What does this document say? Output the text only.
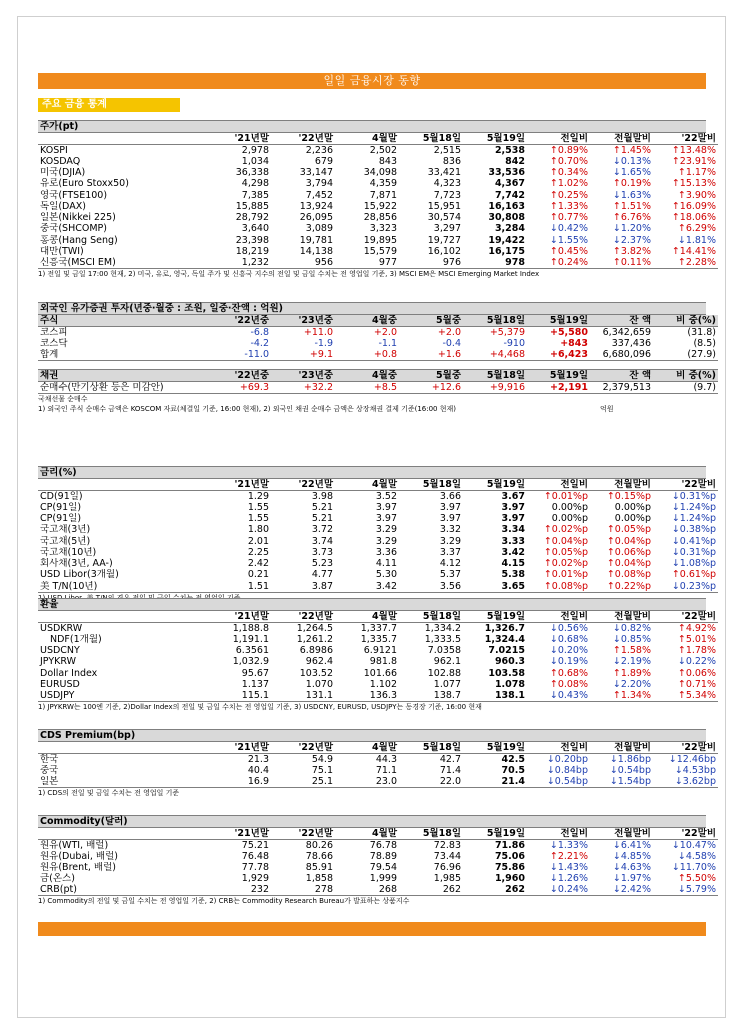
일일 금융시장 동향
주요 금융 통계
주가(pt)
	'21년말	'22년말	4월말	5월18일	5월19일	전일비	전월말비	'22말비
KOSPI	2,978	2,236	2,502	2,515	2,538	↑0.89%	↑1.45%	↑13.48%
KOSDAQ	1,034	679	843	836	842	↑0.70%	↓0.13%	↑23.91%
미국(DJIA)	36,338	33,147	34,098	33,421	33,536	↑0.34%	↓1.65%	↑1.17%
유로(Euro Stoxx50)	4,298	3,794	4,359	4,323	4,367	↑1.02%	↑0.19%	↑15.13%
영국(FTSE100)	7,385	7,452	7,871	7,723	7,742	↑0.25%	↓1.63%	↑3.90%
독일(DAX)	15,885	13,924	15,922	15,951	16,163	↑1.33%	↑1.51%	↑16.09%
일본(Nikkei 225)	28,792	26,095	28,856	30,574	30,808	↑0.77%	↑6.76%	↑18.06%
중국(SHCOMP)	3,640	3,089	3,323	3,297	3,284	↓0.42%	↓1.20%	↑6.29%
홍콩(Hang Seng)	23,398	19,781	19,895	19,727	19,422	↓1.55%	↓2.37%	↓1.81%
대만(TWI)	18,219	14,138	15,579	16,102	16,175	↑0.45%	↑3.82%	↑14.41%
신흥국(MSCI EM)	1,232	956	977	976	978	↑0.24%	↑0.11%	↑2.28%
1) 전일 및 금일 17:00 현재, 2) 미국, 유로, 영국, 독일 주가 및 신흥국 지수의 전일 및 금일 수치는 전 영업일 기준, 3) MSCI EM은 MSCI Emerging Market Index
외국인 유가증권 투자(년중·월중 : 조원, 일중·잔액 : 억원)
주식	'22년중	'23년중	4월중	5월중	5월18일	5월19일	잔 액	비 중(%)
코스피	-6.8	+11.0	+2.0	+2.0	+5,379	+5,580	6,342,659	(31.8)
코스닥	-4.2	-1.9	-1.1	-0.4	-910	+843	337,436	(8.5)
합계	-11.0	+9.1	+0.8	+1.6	+4,468	+6,423	6,680,096	(27.9)
채권	'22년중	'23년중	4월중	5월중	5월18일	5월19일	잔 액	비 중(%)
순매수(만기상환 등은 미감안)	+69.3	+32.2	+8.5	+12.6	+9,916	+2,191	2,379,513	(9.7)
국채선물 순매수
1) 외국인 주식 순매수 금액은 KOSCOM 자료(체결일 기준, 16:00 현재), 2) 외국인 채권 순매수 금액은 상장채권 결제 기준(16:00 현재)	억원
금리(%)
	'21년말	'22년말	4월말	5월18일	5월19일	전일비	전월말비	'22말비
CD(91일)	1.29	3.98	3.52	3.66	3.67	↑0.01%p	↑0.15%p	↓0.31%p
CP(91일)	1.55	5.21	3.97	3.97	3.97	0.00%p	0.00%p	↓1.24%p
CP(91일)	1.55	5.21	3.97	3.97	3.97	0.00%p	0.00%p	↓1.24%p
국고채(3년)	1.80	3.72	3.29	3.32	3.34	↑0.02%p	↑0.05%p	↓0.38%p
국고채(5년)	2.01	3.74	3.29	3.29	3.33	↑0.04%p	↑0.04%p	↓0.41%p
국고채(10년)	2.25	3.73	3.36	3.37	3.42	↑0.05%p	↑0.06%p	↓0.31%p
회사채(3년, AA-)	2.42	5.23	4.11	4.12	4.15	↑0.02%p	↑0.04%p	↓1.08%p
USD Libor(3개월)	0.21	4.77	5.30	5.37	5.38	↑0.01%p	↑0.08%p	↑0.61%p
美 T/N(10년)	1.51	3.87	3.42	3.56	3.65	↑0.08%p	↑0.22%p	↓0.23%p
환율
	'21년말	'22년말	4월말	5월18일	5월19일	전일비	전월말비	'22말비
USDKRW	1,188.8	1,264.5	1,337.7	1,334.2	1,326.7	↓0.56%	↓0.82%	↑4.92%
NDF(1개월)	1,191.1	1,261.2	1,335.7	1,333.5	1,324.4	↓0.68%	↓0.85%	↑5.01%
USDCNY	6.3561	6.8986	6.9121	7.0358	7.0215	↓0.20%	↑1.58%	↑1.78%
JPYKRW	1,032.9	962.4	981.8	962.1	960.3	↓0.19%	↓2.19%	↓0.22%
Dollar Index	95.67	103.52	101.66	102.88	103.58	↑0.68%	↑1.89%	↑0.06%
EURUSD	1.137	1.070	1.102	1.077	1.078	↑0.08%	↓2.20%	↑0.71%
USDJPY	115.1	131.1	136.3	138.7	138.1	↓0.43%	↑1.34%	↑5.34%
1) JPYKRW는 100엔 기준, 2)Dollar Index의 전일 및 금일 수치는 전 영업일 기준, 3) USDCNY, EURUSD, USDJPY는 동경장 기준, 16:00 현재
CDS Premium(bp)
	'21년말	'22년말	4월말	5월18일	5월19일	전일비	전월말비	'22말비
한국	21.3	54.9	44.3	42.7	42.5	↓0.20bp	↓1.86bp	↓12.46bp
중국	40.4	75.1	71.1	71.4	70.5	↓0.84bp	↓0.54bp	↓4.53bp
일본	16.9	25.1	23.0	22.0	21.4	↓0.54bp	↓1.54bp	↓3.62bp
1) CDS의 전일 및 금일 수치는 전 영업일 기준
Commodity(달러)
	'21년말	'22년말	4월말	5월18일	5월19일	전일비	전월말비	'22말비
원유(WTI, 배럴)	75.21	80.26	76.78	72.83	71.86	↓1.33%	↓6.41%	↓10.47%
원유(Dubai, 배럴)	76.48	78.66	78.89	73.44	75.06	↑2.21%	↓4.85%	↓4.58%
원유(Brent, 배럴)	77.78	85.91	79.54	76.96	75.86	↓1.43%	↓4.63%	↓11.70%
금(온스)	1,929	1,858	1,999	1,985	1,960	↓1.26%	↓1.97%	↑5.50%
CRB(pt)	232	278	268	262	262	↓0.24%	↓2.42%	↓5.79%
1) Commodity의 전일 및 금일 수치는 전 영업일 기준, 2) CRB는 Commodity Research Bureau가 발표하는 상품지수
